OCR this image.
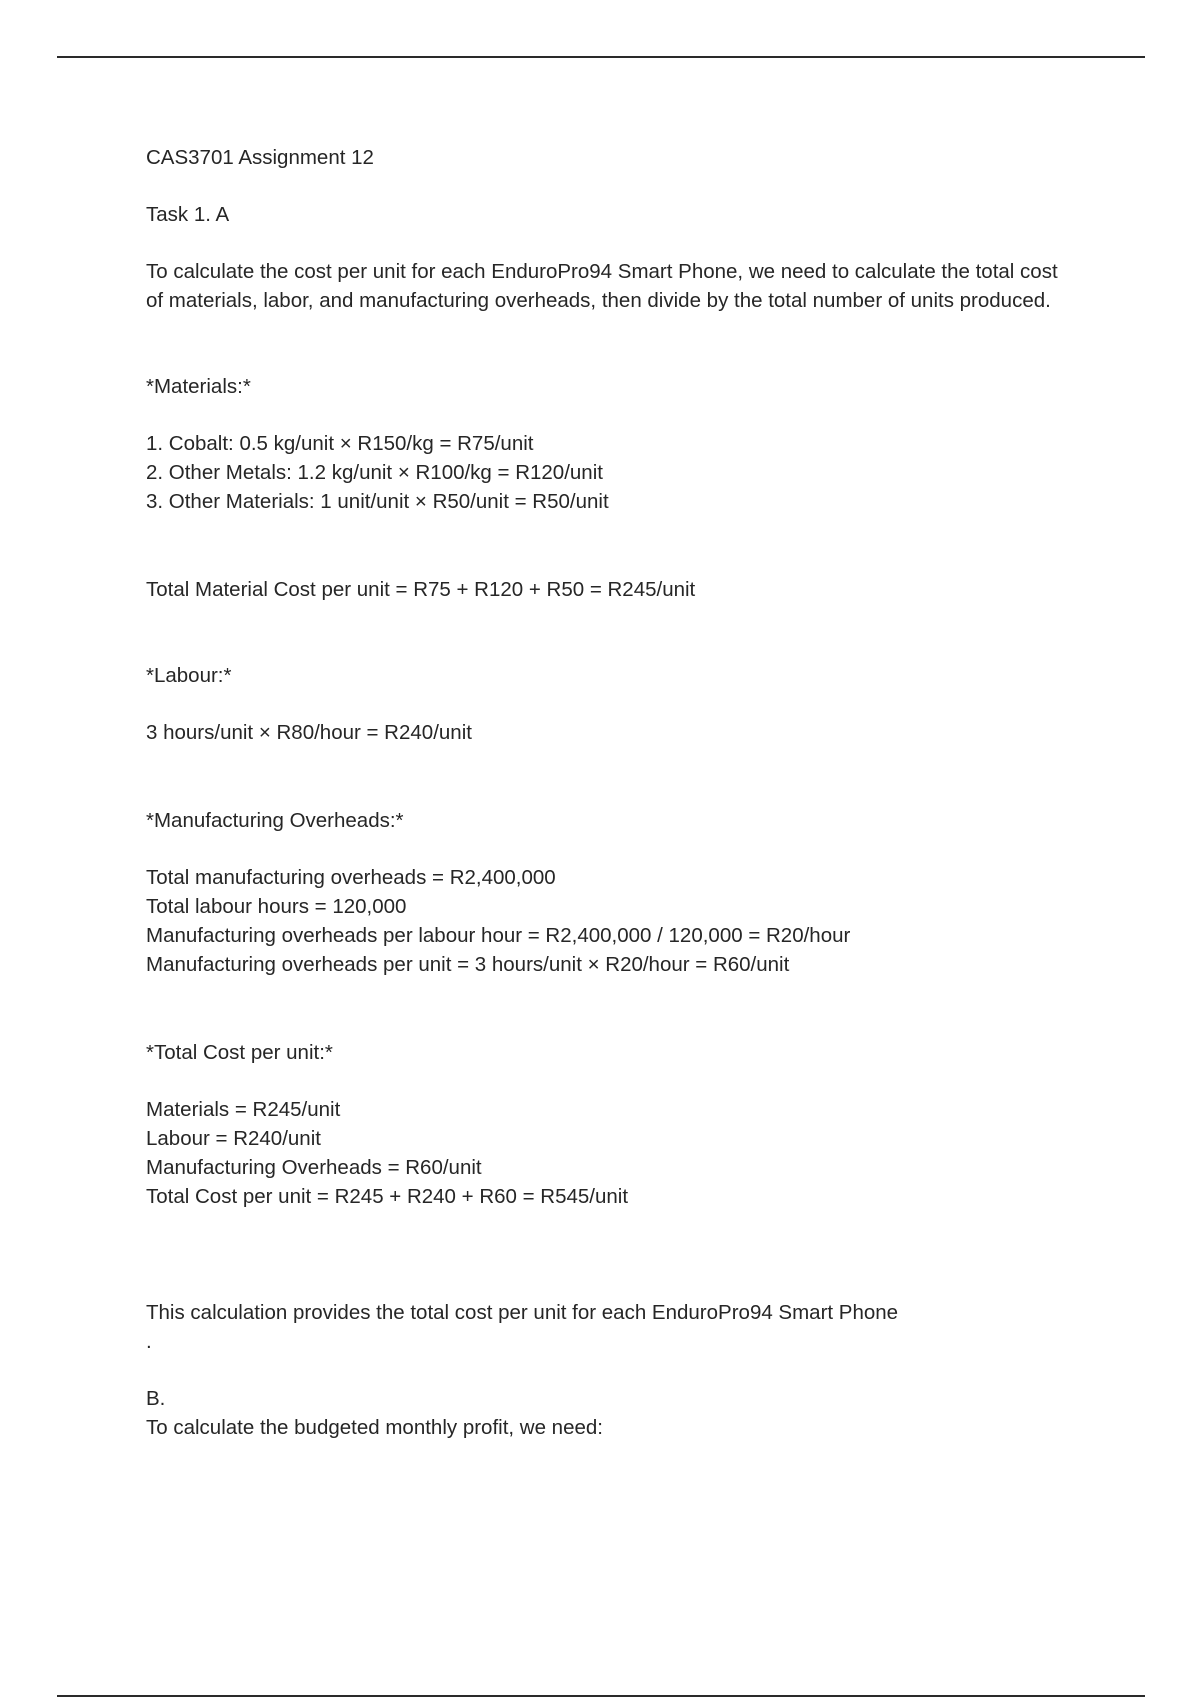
CAS3701 Assignment 12

Task 1. A

To calculate the cost per unit for each EnduroPro94 Smart Phone, we need to calculate the total cost of materials, labor, and manufacturing overheads, then divide by the total number of units produced.

*Materials:*

1. Cobalt: 0.5 kg/unit × R150/kg = R75/unit

2. Other Metals: 1.2 kg/unit × R100/kg = R120/unit

3. Other Materials: 1 unit/unit × R50/unit = R50/unit

Total Material Cost per unit = R75 + R120 + R50 = R245/unit

*Labour:*

3 hours/unit × R80/hour = R240/unit

*Manufacturing Overheads:*

Total manufacturing overheads = R2,400,000

Total labour hours = 120,000

Manufacturing overheads per labour hour = R2,400,000 / 120,000 = R20/hour

Manufacturing overheads per unit = 3 hours/unit × R20/hour = R60/unit

*Total Cost per unit:*

Materials = R245/unit

Labour = R240/unit

Manufacturing Overheads = R60/unit

Total Cost per unit = R245 + R240 + R60 = R545/unit

This calculation provides the total cost per unit for each EnduroPro94 Smart Phone

.

B.

To calculate the budgeted monthly profit, we need:
